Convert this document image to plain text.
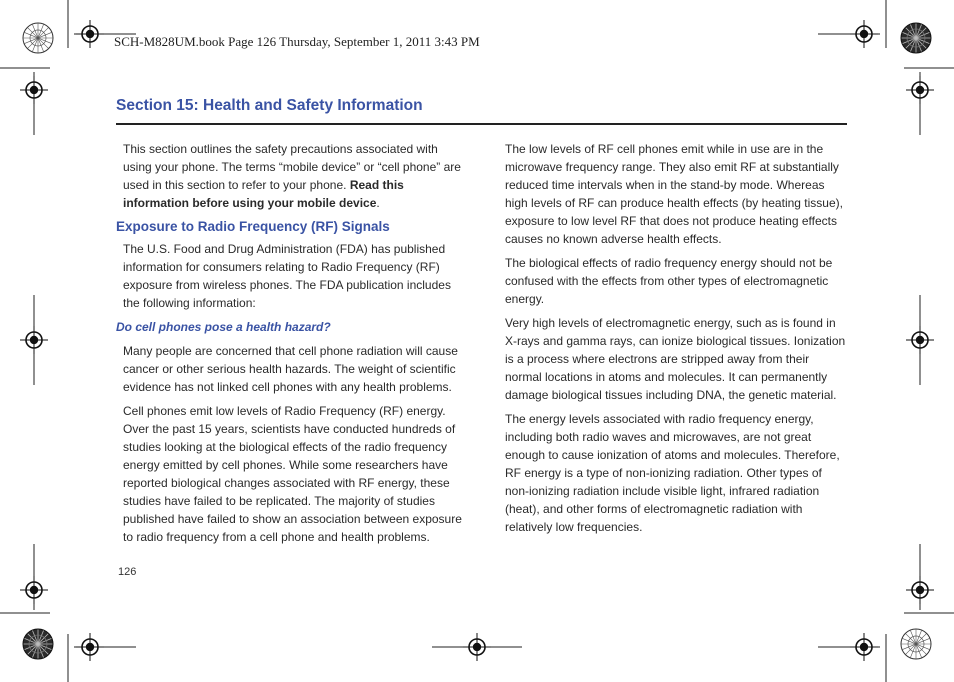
SCH-M828UM.book Page 126 Thursday, September 1, 2011 3:43 PM
Section 15: Health and Safety Information

This section outlines the safety precautions associated with using your phone. The terms “mobile device” or “cell phone” are used in this section to refer to your phone. Read this information before using your mobile device.

Exposure to Radio Frequency (RF) Signals

The U.S. Food and Drug Administration (FDA) has published information for consumers relating to Radio Frequency (RF) exposure from wireless phones. The FDA publication includes the following information:

Do cell phones pose a health hazard?

Many people are concerned that cell phone radiation will cause cancer or other serious health hazards. The weight of scientific evidence has not linked cell phones with any health problems.

Cell phones emit low levels of Radio Frequency (RF) energy. Over the past 15 years, scientists have conducted hundreds of studies looking at the biological effects of the radio frequency energy emitted by cell phones. While some researchers have reported biological changes associated with RF energy, these studies have failed to be replicated. The majority of studies published have failed to show an association between exposure to radio frequency from a cell phone and health problems.

The low levels of RF cell phones emit while in use are in the microwave frequency range. They also emit RF at substantially reduced time intervals when in the stand-by mode. Whereas high levels of RF can produce health effects (by heating tissue), exposure to low level RF that does not produce heating effects causes no known adverse health effects.

The biological effects of radio frequency energy should not be confused with the effects from other types of electromagnetic energy.

Very high levels of electromagnetic energy, such as is found in X-rays and gamma rays, can ionize biological tissues. Ionization is a process where electrons are stripped away from their normal locations in atoms and molecules. It can permanently damage biological tissues including DNA, the genetic material.

The energy levels associated with radio frequency energy, including both radio waves and microwaves, are not great enough to cause ionization of atoms and molecules. Therefore, RF energy is a type of non-ionizing radiation. Other types of non-ionizing radiation include visible light, infrared radiation (heat), and other forms of electromagnetic radiation with relatively low frequencies.

126
